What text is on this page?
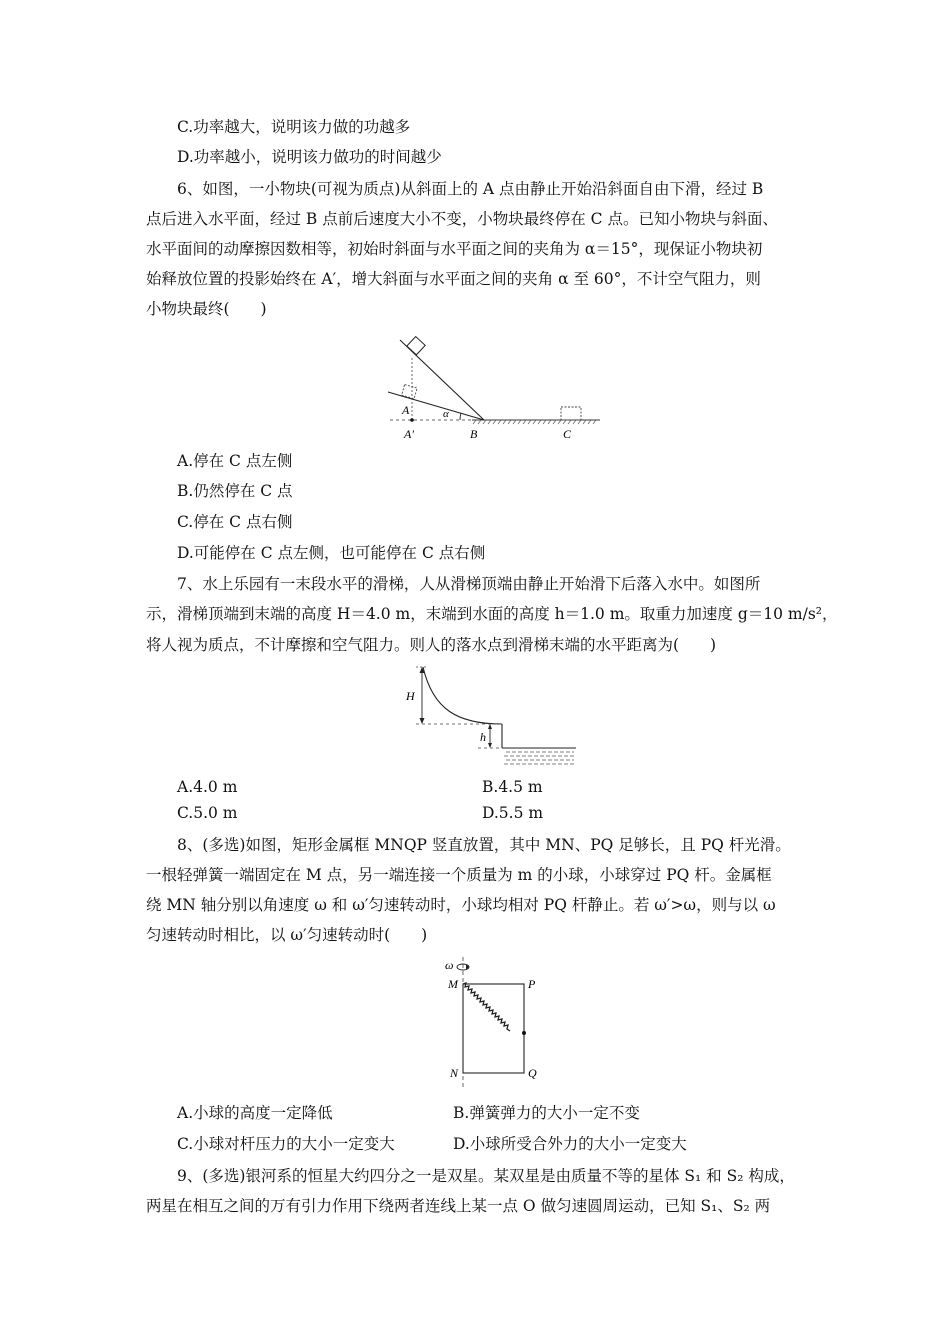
C.功率越大，说明该力做的功越多
D.功率越小，说明该力做功的时间越少
6、如图，一小物块(可视为质点)从斜面上的 A 点由静止开始沿斜面自由下滑，经过 B
点后进入水平面，经过 B 点前后速度大小不变，小物块最终停在 C 点。已知小物块与斜面、
水平面间的动摩擦因数相等，初始时斜面与水平面之间的夹角为 α＝15°，现保证小物块初
始释放位置的投影始终在 A′，增大斜面与水平面之间的夹角 α 至 60°，不计空气阻力，则
小物块最终(　　)
A
A′	B	C
α
A.停在 C 点左侧
B.仍然停在 C 点
C.停在 C 点右侧
D.可能停在 C 点左侧，也可能停在 C 点右侧
7、水上乐园有一末段水平的滑梯，人从滑梯顶端由静止开始滑下后落入水中。如图所
示，滑梯顶端到末端的高度 H＝4.0 m，末端到水面的高度 h＝1.0 m。取重力加速度 g＝10 m/s²，
将人视为质点，不计摩擦和空气阻力。则人的落水点到滑梯末端的水平距离为(　　)
H
h
A.4.0 m	B.4.5 m
C.5.0 m	D.5.5 m
8、(多选)如图，矩形金属框 MNQP 竖直放置，其中 MN、PQ 足够长，且 PQ 杆光滑。
一根轻弹簧一端固定在 M 点，另一端连接一个质量为 m 的小球，小球穿过 PQ 杆。金属框
绕 MN 轴分别以角速度 ω 和 ω′匀速转动时，小球均相对 PQ 杆静止。若 ω′>ω，则与以 ω
匀速转动时相比，以 ω′匀速转动时(　　)
ω
M	P
N	Q
A.小球的高度一定降低	B.弹簧弹力的大小一定不变
C.小球对杆压力的大小一定变大	D.小球所受合外力的大小一定变大
9、(多选)银河系的恒星大约四分之一是双星。某双星是由质量不等的星体 S₁ 和 S₂ 构成，
两星在相互之间的万有引力作用下绕两者连线上某一点 O 做匀速圆周运动，已知 S₁、S₂ 两
